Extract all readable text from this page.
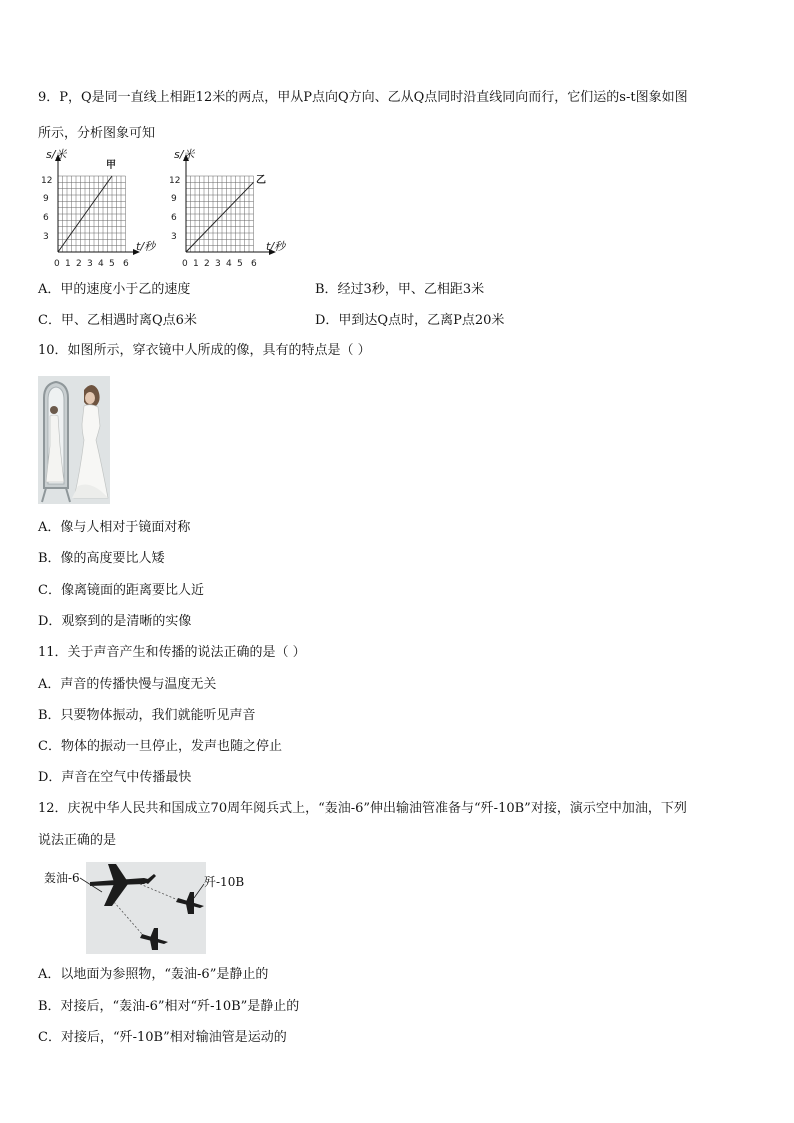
9．P，Q是同一直线上相距12米的两点，甲从P点向Q方向、乙从Q点同时沿直线同向而行，它们运的s-t图象如图
所示，分析图象可知
s/米
甲
t/秒
3
6
9
12
0 1 2 3 4 5 6
s/米
乙
t/秒
3
6
9
12
0 1 2 3 4 5 6
A．甲的速度小于乙的速度	B．经过3秒，甲、乙相距3米
C．甲、乙相遇时离Q点6米	D．甲到达Q点时，乙离P点20米
10．如图所示，穿衣镜中人所成的像，具有的特点是（ ）
A．像与人相对于镜面对称
B．像的高度要比人矮
C．像离镜面的距离要比人近
D．观察到的是清晰的实像
11．关于声音产生和传播的说法正确的是（ ）
A．声音的传播快慢与温度无关
B．只要物体振动，我们就能听见声音
C．物体的振动一旦停止，发声也随之停止
D．声音在空气中传播最快
12．庆祝中华人民共和国成立70周年阅兵式上，“轰油-6”伸出输油管准备与“歼-10B”对接，演示空中加油，下列
说法正确的是
轰油-6	歼-10B
A．以地面为参照物，“轰油-6”是静止的
B．对接后，“轰油-6”相对“歼-10B”是静止的
C．对接后，“歼-10B”相对输油管是运动的
